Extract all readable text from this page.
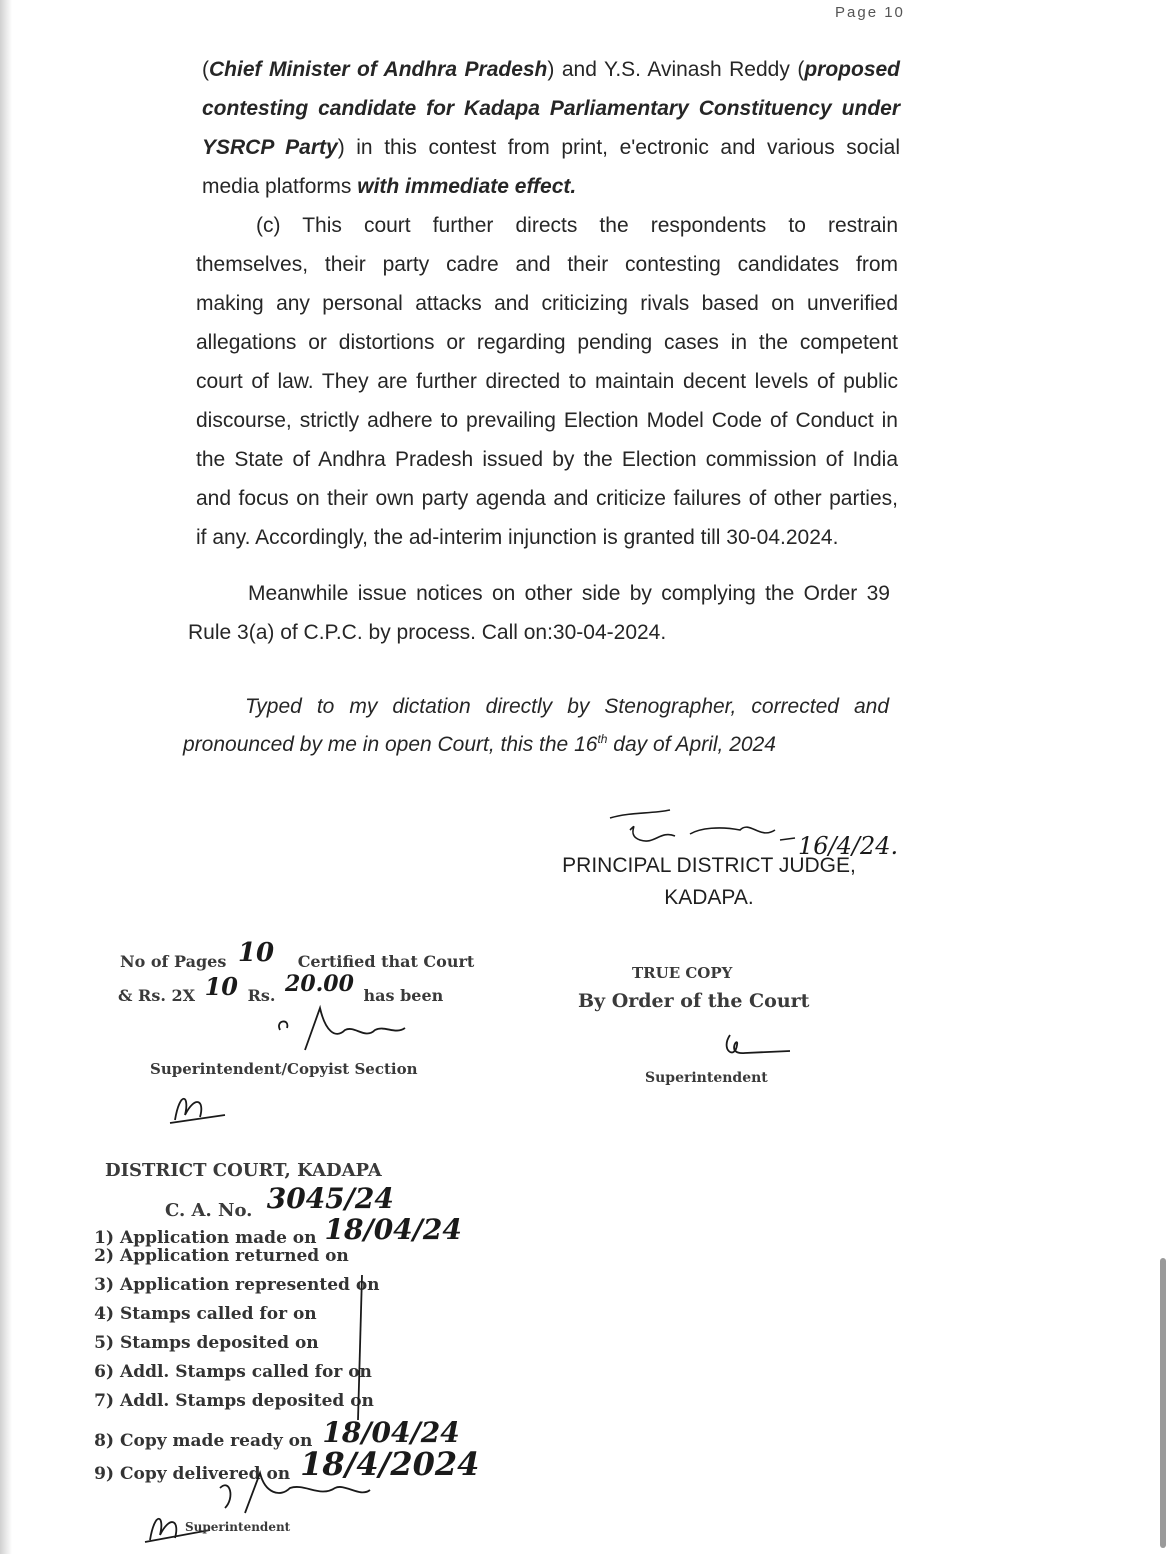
Page 10
(Chief Minister of Andhra Pradesh) and Y.S. Avinash Reddy (proposed
contesting candidate for Kadapa Parliamentary Constituency under
YSRCP Party) in this contest from print, e'ectronic and various social
media platforms with immediate effect.
(c) This court further directs the respondents to restrain
themselves, their party cadre and their contesting candidates from
making any personal attacks and criticizing rivals based on unverified
allegations or distortions or regarding pending cases in the competent
court of law. They are further directed to maintain decent levels of public
discourse, strictly adhere to prevailing Election Model Code of Conduct in
the State of Andhra Pradesh issued by the Election commission of India
and focus on their own party agenda and criticize failures of other parties,
if any. Accordingly, the ad-interim injunction is granted till 30-04.2024.
Meanwhile issue notices on other side by complying the Order 39
Rule 3(a) of C.P.C. by process. Call on:30-04-2024.
Typed to my dictation directly by Stenographer, corrected and
pronounced by me in open Court, this the 16th day of April, 2024
16/4/24.
PRINCIPAL DISTRICT JUDGE,
KADAPA.
No of Pages 10 Certified that Court
& Rs. 2X 10 Rs. 20.00 has been
Superintendent/Copyist Section
TRUE COPY
By Order of the Court
Superintendent
DISTRICT COURT, KADAPA
C. A. No. 3045/24
1) Application made on 18/04/24
2) Application returned on
3) Application represented on
4) Stamps called for on
5) Stamps deposited on
6) Addl. Stamps called for on
7) Addl. Stamps deposited on
8) Copy made ready on 18/04/24
9) Copy delivered on 18/4/2024
Superintendent
